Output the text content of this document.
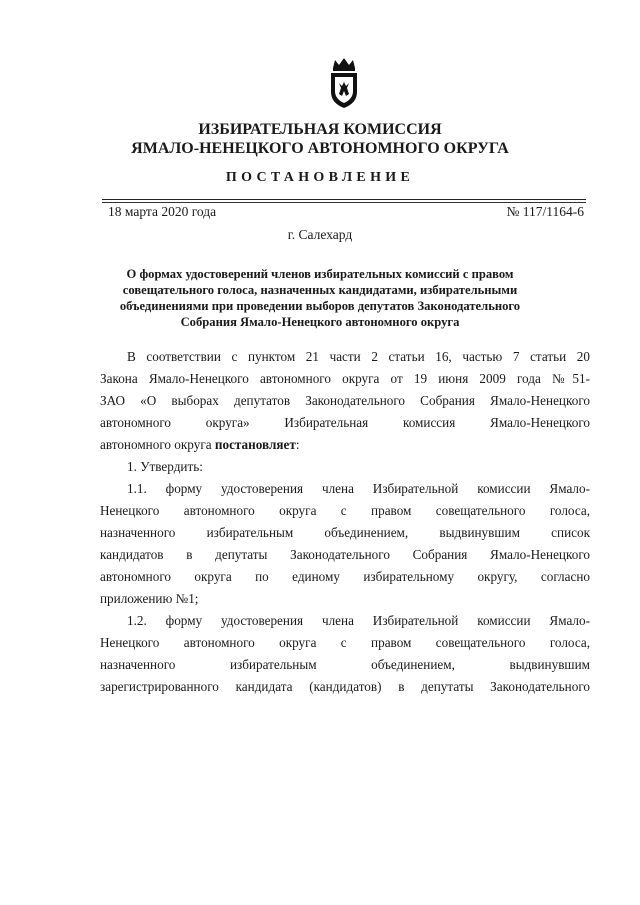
ИЗБИРАТЕЛЬНАЯ КОМИССИЯ
ЯМАЛО-НЕНЕЦКОГО АВТОНОМНОГО ОКРУГА
ПОСТАНОВЛЕНИЕ
18 марта 2020 года	№ 117/1164-6
г. Салехард
О формах удостоверений членов избирательных комиссий с правом
совещательного голоса, назначенных кандидатами, избирательными
объединениями при проведении выборов депутатов Законодательного
Собрания Ямало-Ненецкого автономного округа
В соответствии с пунктом 21 части 2 статьи 16, частью 7 статьи 20
Закона Ямало-Ненецкого автономного округа от 19 июня 2009 года №51-
ЗАО «О выборах депутатов Законодательного Собрания Ямало-Ненецкого
автономного округа» Избирательная комиссия Ямало-Ненецкого
автономного округа постановляет:
1. Утвердить:
1.1. форму удостоверения члена Избирательной комиссии Ямало-
Ненецкого автономного округа с правом совещательного голоса,
назначенного избирательным объединением, выдвинувшим список
кандидатов в депутаты Законодательного Собрания Ямало-Ненецкого
автономного округа по единому избирательному округу, согласно
приложению №1;
1.2. форму удостоверения члена Избирательной комиссии Ямало-
Ненецкого автономного округа с правом совещательного голоса,
назначенного избирательным объединением, выдвинувшим
зарегистрированного кандидата (кандидатов) в депутаты Законодательного
